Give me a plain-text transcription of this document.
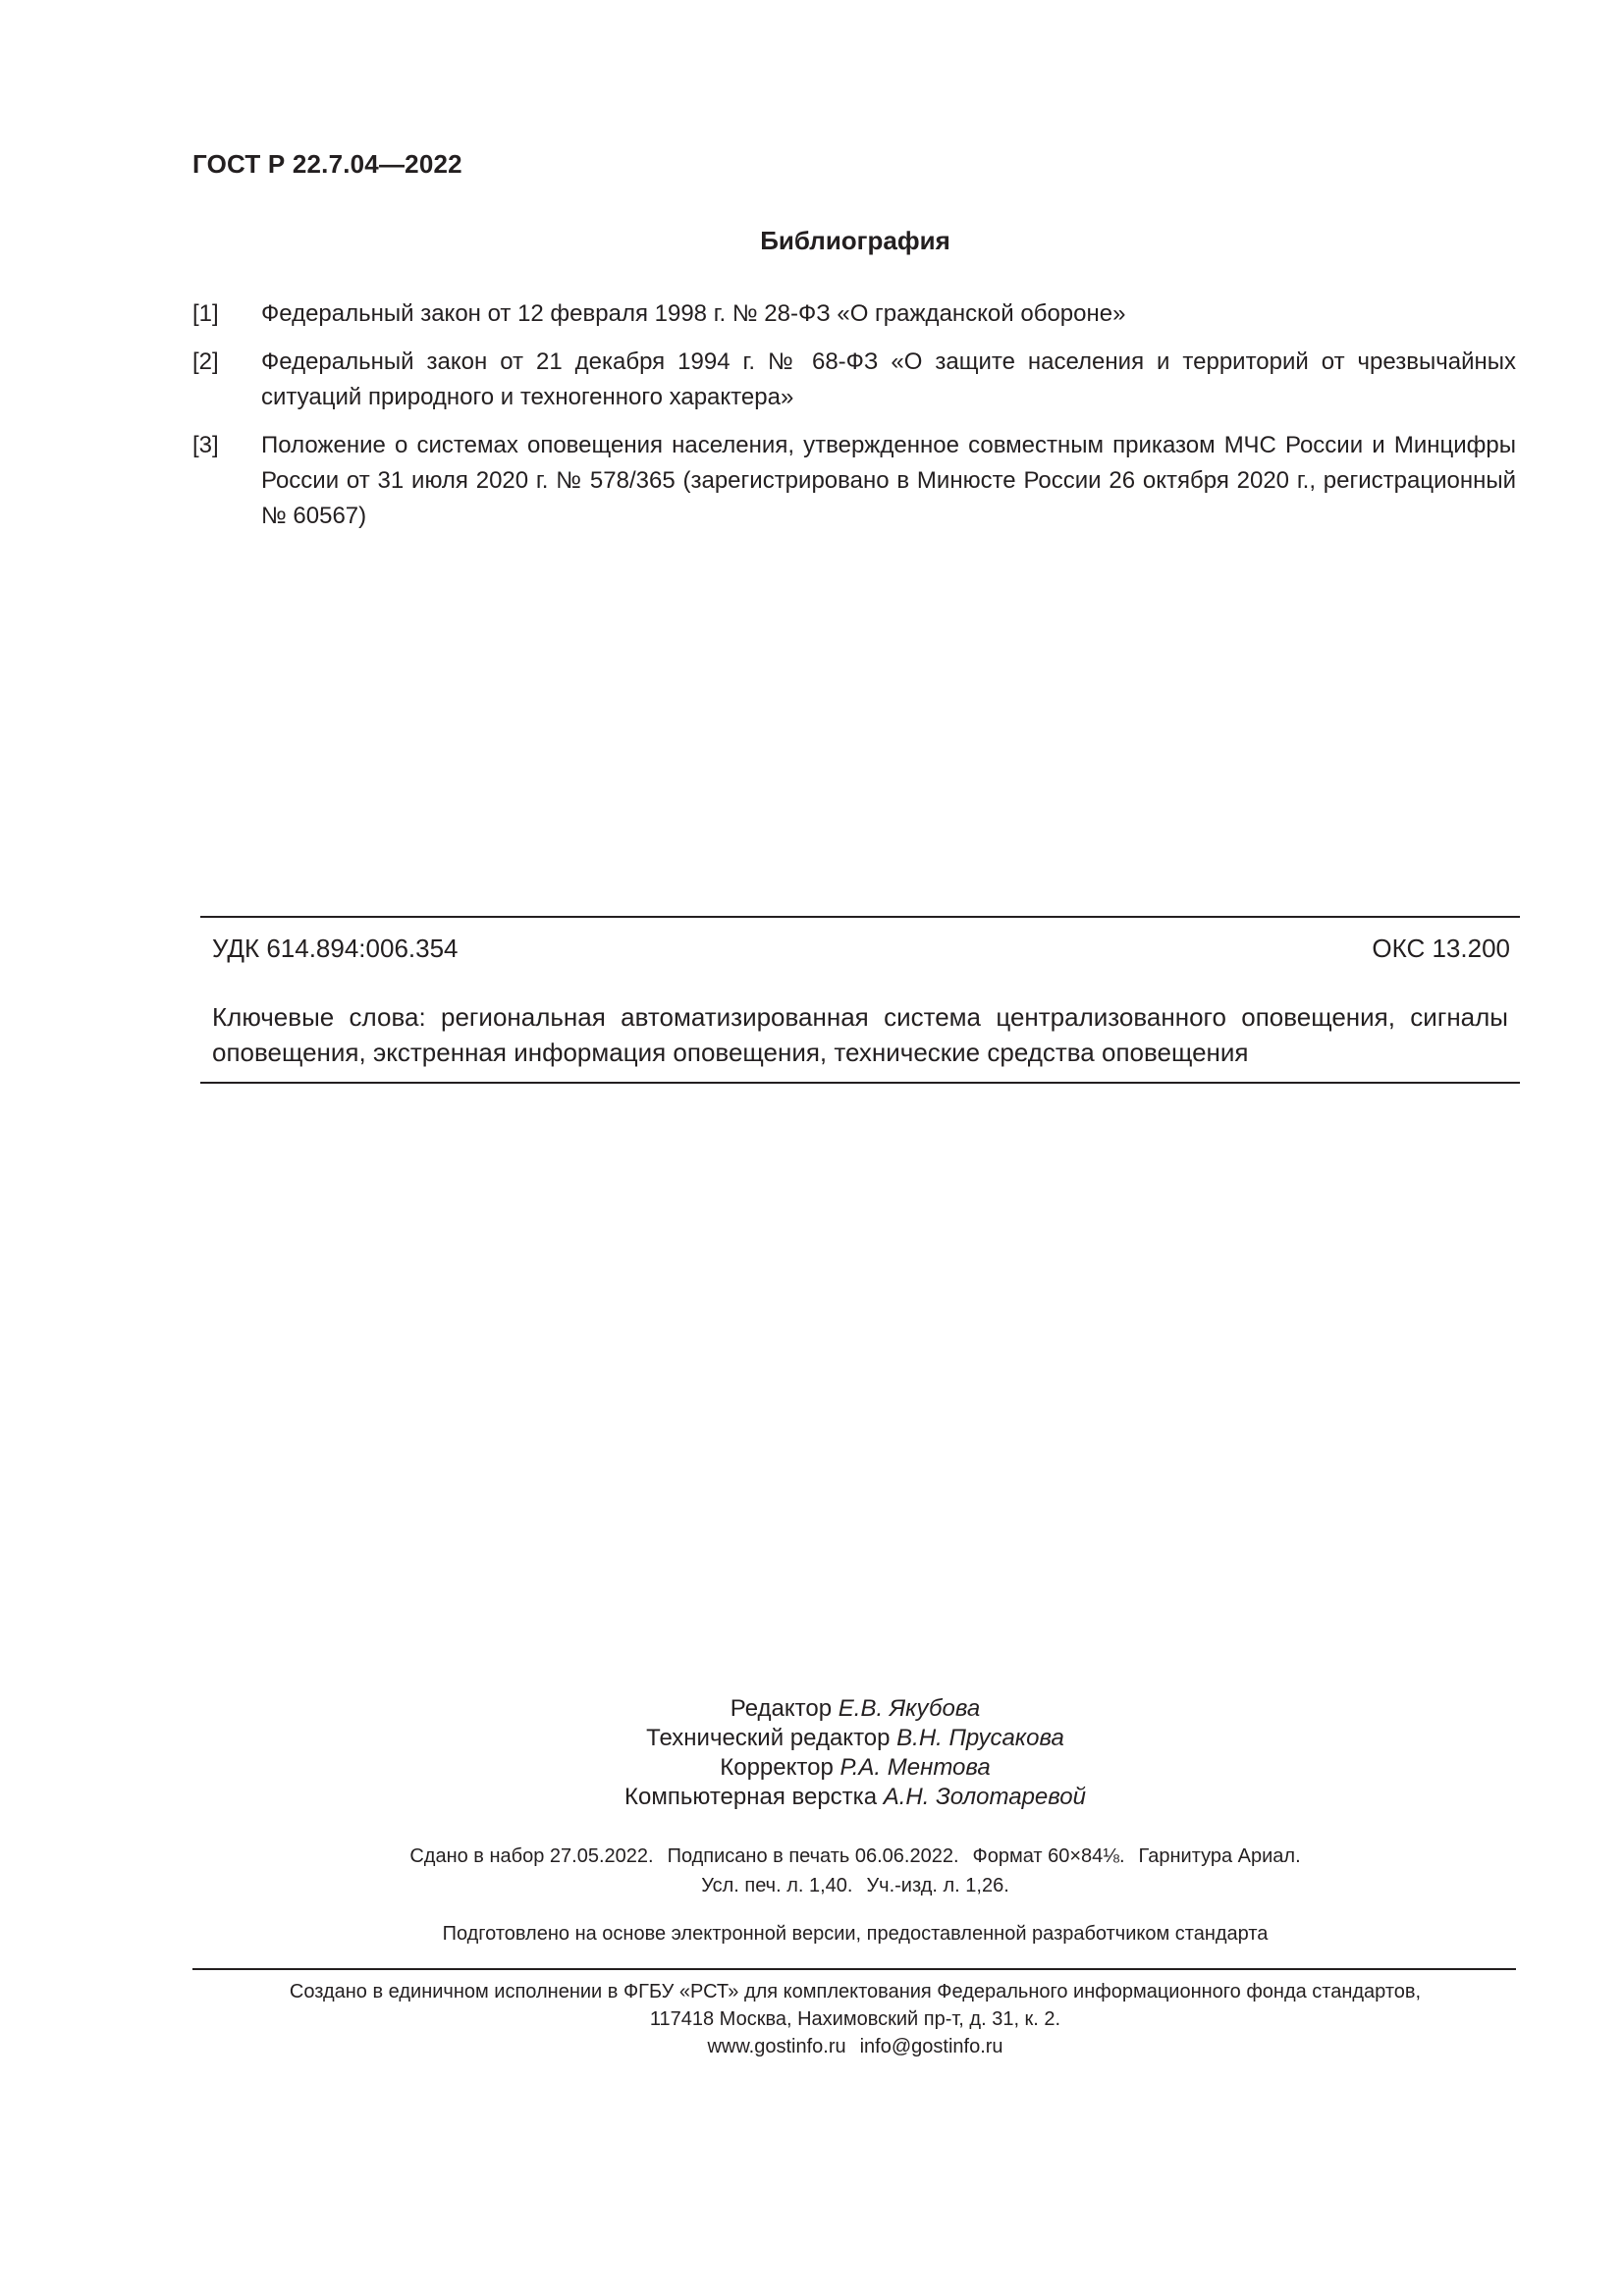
ГОСТ Р 22.7.04—2022
Библиография
[1]	Федеральный закон от 12 февраля 1998 г. № 28-ФЗ «О гражданской обороне»
[2]	Федеральный закон от 21 декабря 1994 г. № 68-ФЗ «О защите населения и территорий от чрезвычайных ситуаций природного и техногенного характера»
[3]	Положение о системах оповещения населения, утвержденное совместным приказом МЧС России и Минцифры России от 31 июля 2020 г. № 578/365 (зарегистрировано в Минюсте России 26 октября 2020 г., регистрационный № 60567)
УДК 614.894:006.354	ОКС 13.200
Ключевые слова: региональная автоматизированная система централизованного оповещения, сигналы оповещения, экстренная информация оповещения, технические средства оповещения
Редактор Е.В. Якубова
Технический редактор В.Н. Прусакова
Корректор Р.А. Ментова
Компьютерная верстка А.Н. Золотаревой
Сдано в набор 27.05.2022. Подписано в печать 06.06.2022. Формат 60×84⅛. Гарнитура Ариал.
Усл. печ. л. 1,40. Уч.-изд. л. 1,26.
Подготовлено на основе электронной версии, предоставленной разработчиком стандарта
Создано в единичном исполнении в ФГБУ «РСТ» для комплектования Федерального информационного фонда стандартов,
117418 Москва, Нахимовский пр-т, д. 31, к. 2.
www.gostinfo.ru info@gostinfo.ru
